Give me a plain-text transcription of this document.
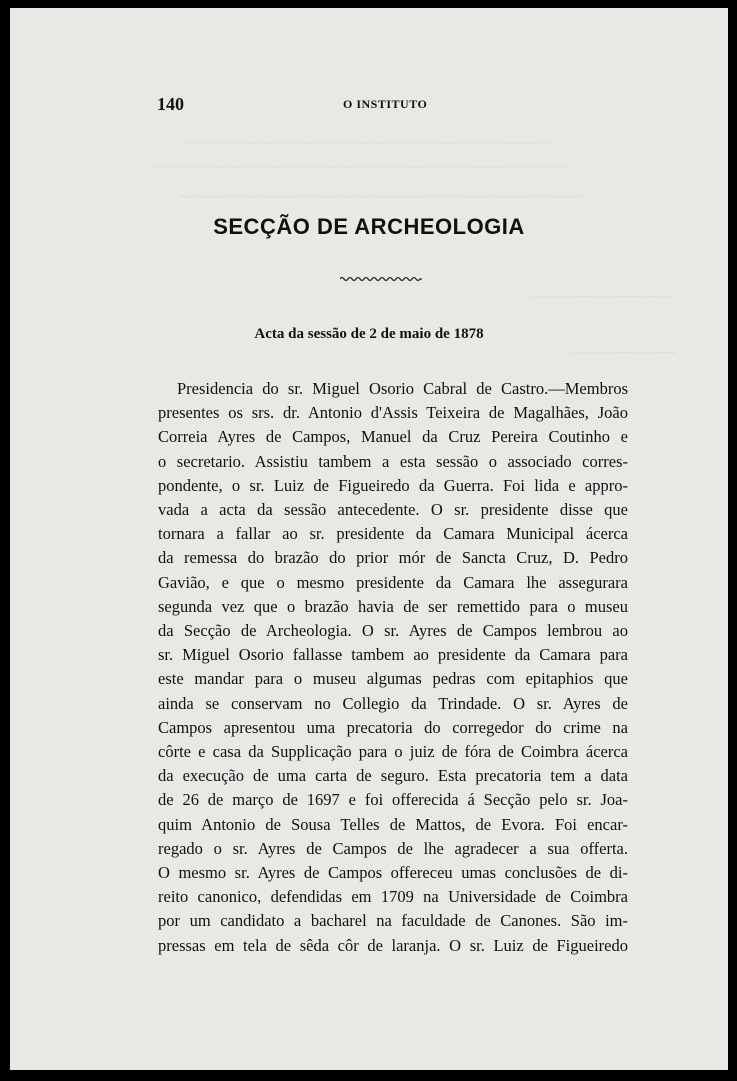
~~~~~~~~~~~~~~~~~~~~~~~~~~~~~~~~~~~~~~~~~~~~~~~~~
~~~~~~~~~~~~~~~~~~~~~~~~~~~~~~~~~~~~~~~~~~~~~~~~~~~~~~~
~~~~~~~~~~~~~~~~~~~~~~~~~~~~~~~~~~~~~~~~~~~~~~~~~~~~~
~~~~~~~~~~~~~~~~~~~
~~~~~~~~~~~~~~
140	O INSTITUTO
SECÇÃO DE ARCHEOLOGIA
Acta da sessão de 2 de maio de 1878
Presidencia do sr. Miguel Osorio Cabral de Castro.—Membros
presentes os srs. dr. Antonio d'Assis Teixeira de Magalhães, João
Correia Ayres de Campos, Manuel da Cruz Pereira Coutinho e
o secretario. Assistiu tambem a esta sessão o associado corres-
pondente, o sr. Luiz de Figueiredo da Guerra. Foi lida e appro-
vada a acta da sessão antecedente. O sr. presidente disse que
tornara a fallar ao sr. presidente da Camara Municipal ácerca
da remessa do brazão do prior mór de Sancta Cruz, D. Pedro
Gavião, e que o mesmo presidente da Camara lhe assegurara
segunda vez que o brazão havia de ser remettido para o museu
da Secção de Archeologia. O sr. Ayres de Campos lembrou ao
sr. Miguel Osorio fallasse tambem ao presidente da Camara para
este mandar para o museu algumas pedras com epitaphios que
ainda se conservam no Collegio da Trindade. O sr. Ayres de
Campos apresentou uma precatoria do corregedor do crime na
côrte e casa da Supplicação para o juiz de fóra de Coimbra ácerca
da execução de uma carta de seguro. Esta precatoria tem a data
de 26 de março de 1697 e foi offerecida á Secção pelo sr. Joa-
quim Antonio de Sousa Telles de Mattos, de Evora. Foi encar-
regado o sr. Ayres de Campos de lhe agradecer a sua offerta.
O mesmo sr. Ayres de Campos offereceu umas conclusões de di-
reito canonico, defendidas em 1709 na Universidade de Coimbra
por um candidato a bacharel na faculdade de Canones. São im-
pressas em tela de sêda côr de laranja. O sr. Luiz de Figueiredo
